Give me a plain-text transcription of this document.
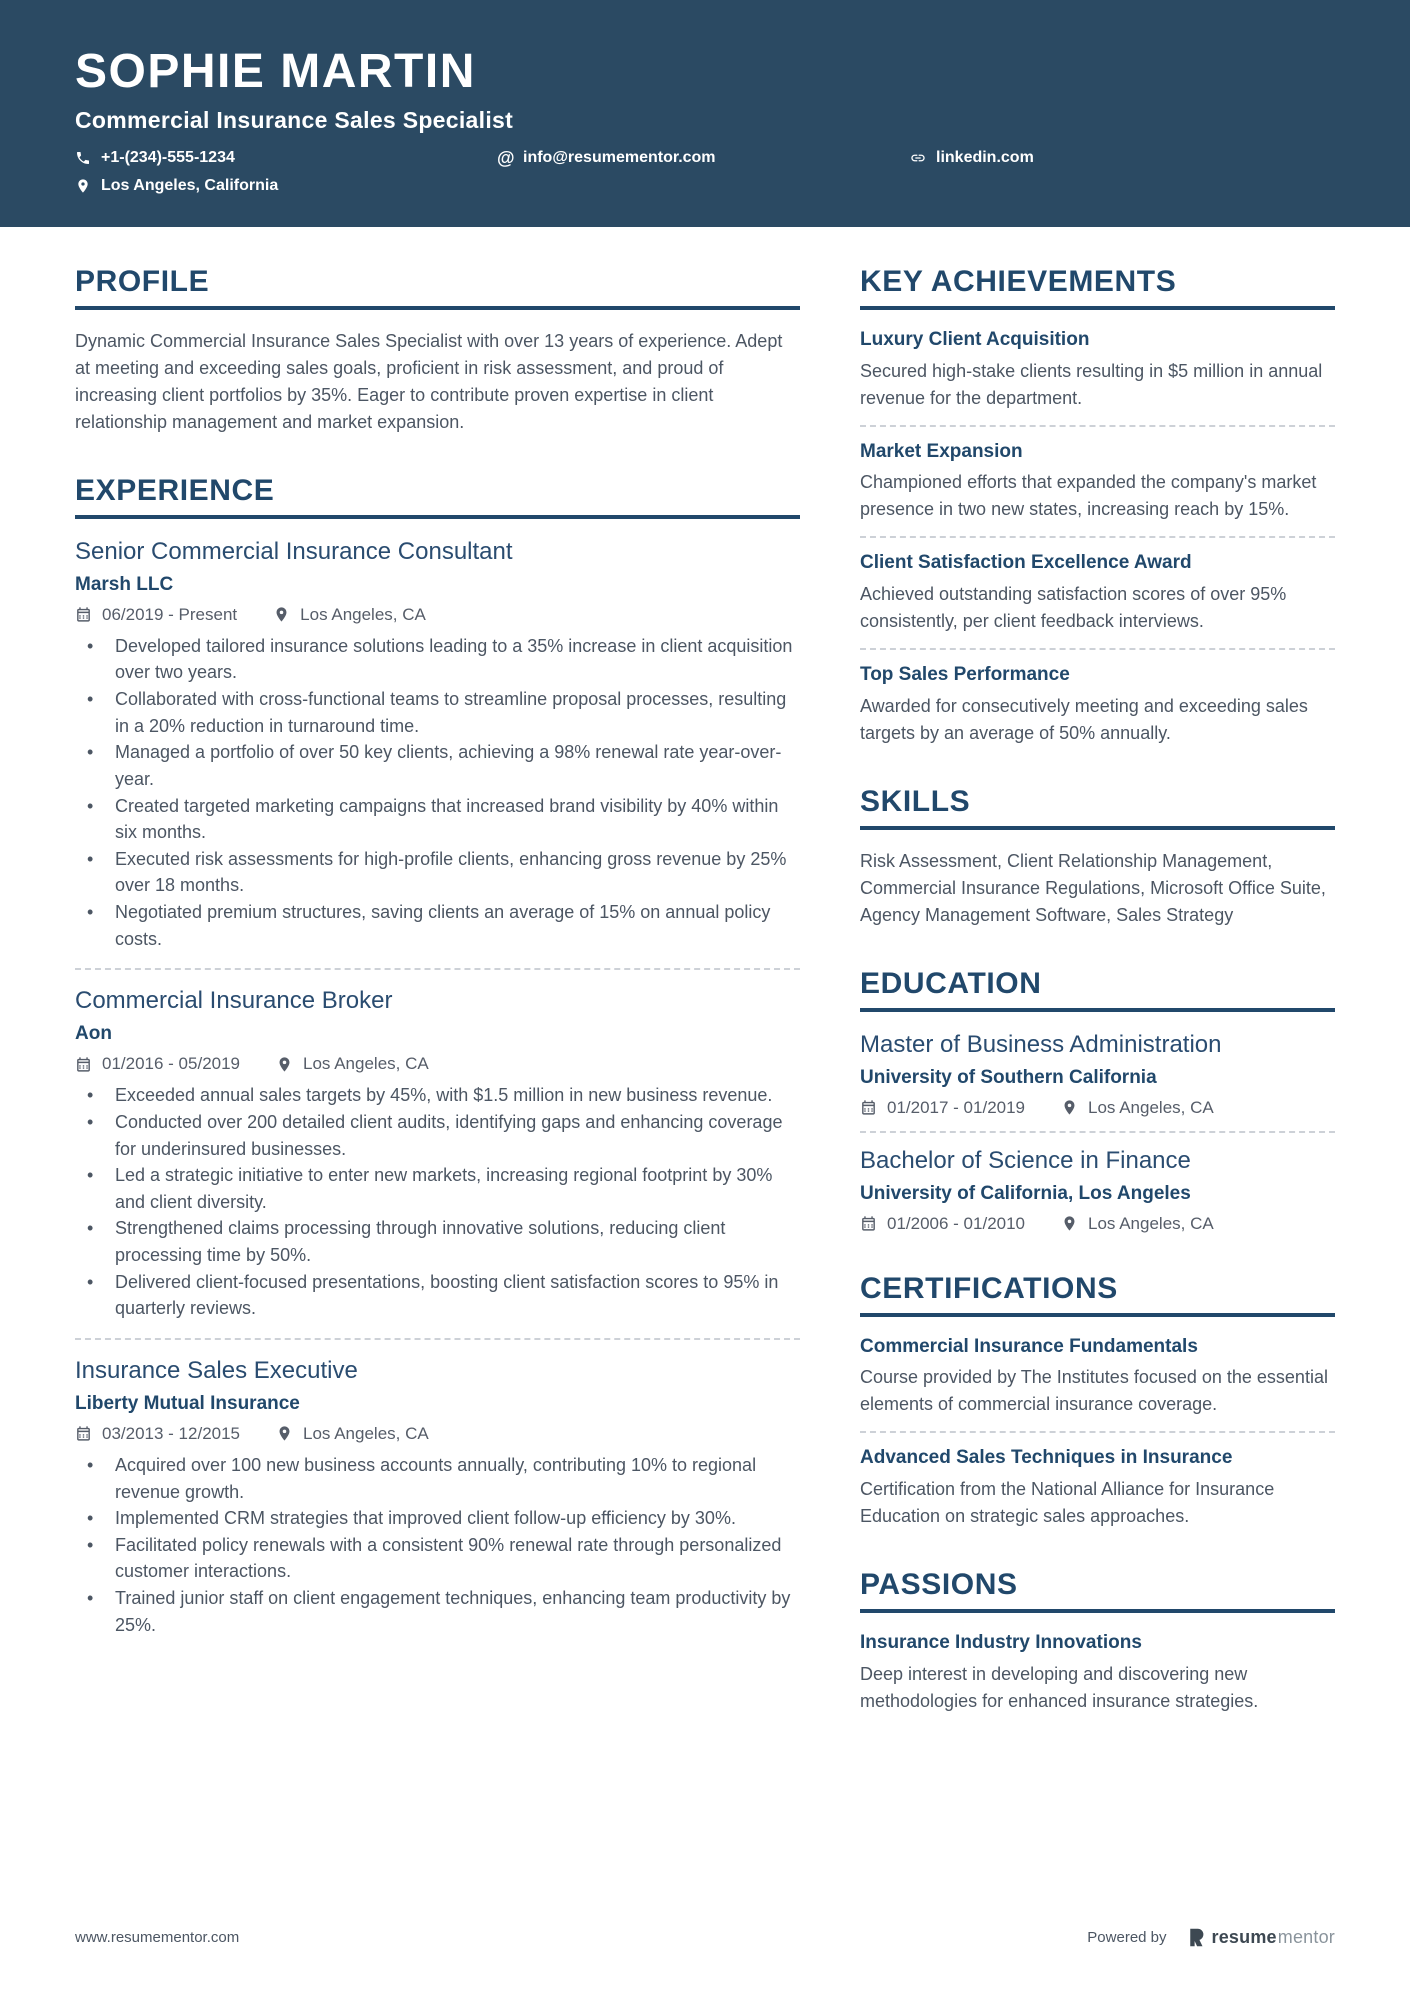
SOPHIE MARTIN
Commercial Insurance Sales Specialist
+1-(234)-555-1234	@ info@resumementor.com	linkedin.com
Los Angeles, California
PROFILE

Dynamic Commercial Insurance Sales Specialist with over 13 years of experience. Adept at meeting and exceeding sales goals, proficient in risk assessment, and proud of increasing client portfolios by 35%. Eager to contribute proven expertise in client relationship management and market expansion.

EXPERIENCE
Senior Commercial Insurance Consultant
Marsh LLC
06/2019 - Present	Los Angeles, CA
• Developed tailored insurance solutions leading to a 35% increase in client acquisition over two years.
• Collaborated with cross-functional teams to streamline proposal processes, resulting in a 20% reduction in turnaround time.
• Managed a portfolio of over 50 key clients, achieving a 98% renewal rate year-over-year.
• Created targeted marketing campaigns that increased brand visibility by 40% within six months.
• Executed risk assessments for high-profile clients, enhancing gross revenue by 25% over 18 months.
• Negotiated premium structures, saving clients an average of 15% on annual policy costs.
Commercial Insurance Broker
Aon
01/2016 - 05/2019	Los Angeles, CA
• Exceeded annual sales targets by 45%, with $1.5 million in new business revenue.
• Conducted over 200 detailed client audits, identifying gaps and enhancing coverage for underinsured businesses.
• Led a strategic initiative to enter new markets, increasing regional footprint by 30% and client diversity.
• Strengthened claims processing through innovative solutions, reducing client processing time by 50%.
• Delivered client-focused presentations, boosting client satisfaction scores to 95% in quarterly reviews.
Insurance Sales Executive
Liberty Mutual Insurance
03/2013 - 12/2015	Los Angeles, CA
• Acquired over 100 new business accounts annually, contributing 10% to regional revenue growth.
• Implemented CRM strategies that improved client follow-up efficiency by 30%.
• Facilitated policy renewals with a consistent 90% renewal rate through personalized customer interactions.
• Trained junior staff on client engagement techniques, enhancing team productivity by 25%.
KEY ACHIEVEMENTS
Luxury Client Acquisition
Secured high-stake clients resulting in $5 million in annual revenue for the department.
Market Expansion
Championed efforts that expanded the company's market presence in two new states, increasing reach by 15%.
Client Satisfaction Excellence Award
Achieved outstanding satisfaction scores of over 95% consistently, per client feedback interviews.
Top Sales Performance
Awarded for consecutively meeting and exceeding sales targets by an average of 50% annually.
SKILLS

Risk Assessment, Client Relationship Management, Commercial Insurance Regulations, Microsoft Office Suite, Agency Management Software, Sales Strategy

EDUCATION
Master of Business Administration
University of Southern California
01/2017 - 01/2019	Los Angeles, CA
Bachelor of Science in Finance
University of California, Los Angeles
01/2006 - 01/2010	Los Angeles, CA
CERTIFICATIONS
Commercial Insurance Fundamentals
Course provided by The Institutes focused on the essential elements of commercial insurance coverage.
Advanced Sales Techniques in Insurance
Certification from the National Alliance for Insurance Education on strategic sales approaches.
PASSIONS
Insurance Industry Innovations
Deep interest in developing and discovering new methodologies for enhanced insurance strategies.
www.resumementor.com	Powered by	resume mentor
